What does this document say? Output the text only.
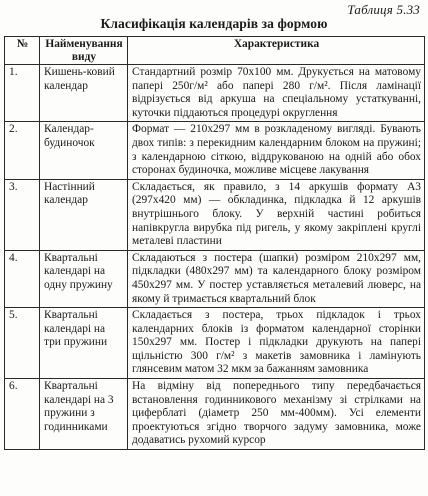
Таблиця 5.33
Класифікація календарів за формою
№	Найменування виду	Характеристика
1.	Кишень-ковий календар	Стандартний розмір 70х100 мм. Друкується на матовому папері 250г/м² або папері 280 г/м². Після ламінації відрізується від аркуша на спеціальному устаткуванні, куточки піддаються процедурі округлення
2.	Календар-будиночок	Формат — 210х297 мм в розкладеному вигляді. Бувають двох типів: з перекидним календарним блоком на пружині; з календарною сіткою, віддрукованою на одній або обох сторонах будиночка, можливе місцеве лакування
3.	Настінний календар	Складається, як правило, з 14 аркушів формату А3 (297х420 мм) — обкладинка, підкладка й 12 аркушів внутрішнього блоку. У верхній частині робиться напівкругла вирубка під ригель, у якому закріплені круглі металеві пластини
4.	Квартальні календарі на одну пружину	Складаються з постера (шапки) розміром 210х297 мм, підкладки (480х297 мм) та календарного блоку розміром 450х297 мм. У постер уставляється металевий люверс, на якому й тримається квартальний блок
5.	Квартальні календарі на три пружини	Складається з постера, трьох підкладок і трьох календарних блоків із форматом календарної сторінки 150х297 мм. Постер і підкладки друкують на папері щільністю 300 г/м² з макетів замовника і ламінують глянсевим матом 32 мкм за бажанням замовника
6.	Квартальні календарі на 3 пружини з годинниками	На відміну від попереднього типу передбачається встановлення годинникового механізму зі стрілками на циферблаті (діаметр 250 мм-400мм). Усі елементи проектуються згідно творчого задуму замовника, може додаватись рухомий курсор
